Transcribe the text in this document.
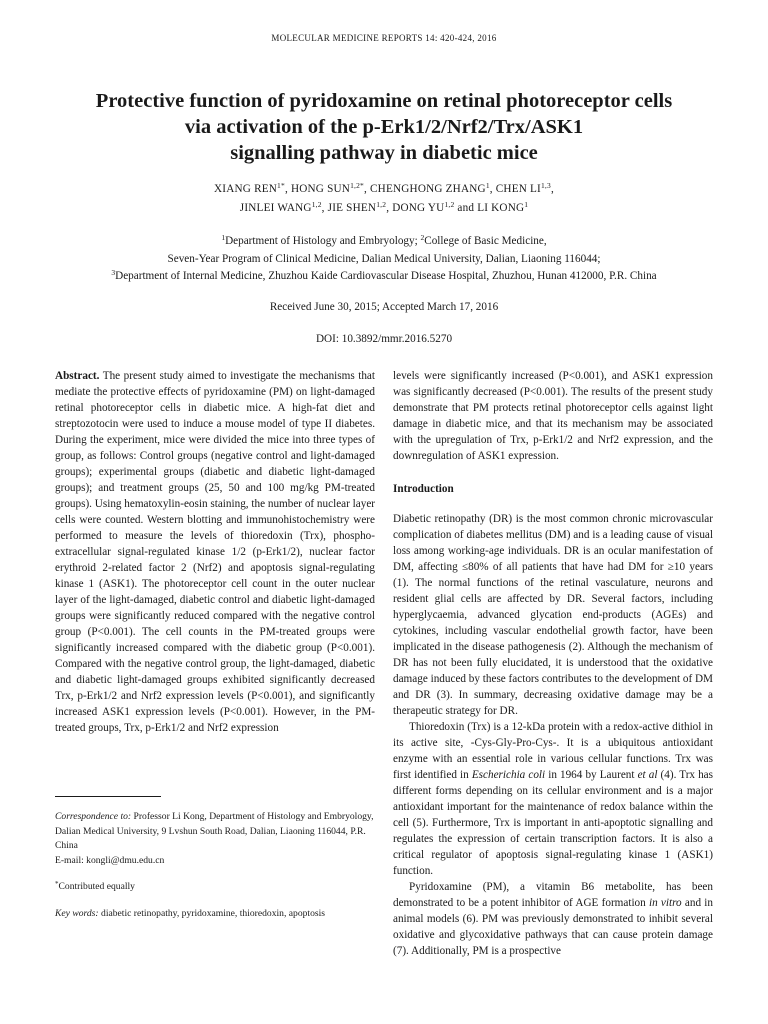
MOLECULAR MEDICINE REPORTS 14: 420-424, 2016
Protective function of pyridoxamine on retinal photoreceptor cells
via activation of the p-Erk1/2/Nrf2/Trx/ASK1
signalling pathway in diabetic mice
XIANG $REN^{1*}$, HONG $SUN^{1,2*}$, CHENGHONG ZHANG$^1$, CHEN LI$^{1,3}$,
JINLEI WANG$^{1,2}$, JIE SHEN$^{1,2}$, DONG YU$^{1,2}$ and LI KONG$^1$
$^1$Department of Histology and Embryology; $^2$College of Basic Medicine,
Seven-Year Program of Clinical Medicine, Dalian Medical University, Dalian, Liaoning 116044;
$^3$Department of Internal Medicine, Zhuzhou Kaide Cardiovascular Disease Hospital, Zhuzhou, Hunan 412000, P.R. China
Received June 30, 2015; Accepted March 17, 2016
DOI: 10.3892/mmr.2016.5270

Abstract. The present study aimed to investigate the mechanisms that mediate the protective effects of pyridoxamine (PM) on light-damaged retinal photoreceptor cells in diabetic mice. A high-fat diet and streptozotocin were used to induce a mouse model of type II diabetes. During the experiment, mice were divided the mice into three types of group, as follows: Control groups (negative control and light-damaged groups); experimental groups (diabetic and diabetic light-damaged groups); and treatment groups (25, 50 and 100 mg/kg PM-treated groups). Using hematoxylin-eosin staining, the number of nuclear layer cells were counted. Western blotting and immunohistochemistry were performed to measure the levels of thioredoxin (Trx), phospho-extracellular signal-regulated kinase 1/2 (p-Erk1/2), nuclear factor erythroid 2-related factor 2 (Nrf2) and apoptosis signal-regulating kinase 1 (ASK1). The photoreceptor cell count in the outer nuclear layer of the light-damaged, diabetic control and diabetic light-damaged groups were significantly reduced compared with the negative control group (P<0.001). The cell counts in the PM-treated groups were significantly increased compared with the diabetic group (P<0.001). Compared with the negative control group, the light-damaged, diabetic and diabetic light-damaged groups exhibited significantly decreased Trx, p-Erk1/2 and Nrf2 expression levels (P<0.001), and significantly increased ASK1 expression levels (P<0.001). However, in the PM-treated groups, Trx, p-Erk1/2 and Nrf2 expression

levels were significantly increased (P<0.001), and ASK1 expression was significantly decreased (P<0.001). The results of the present study demonstrate that PM protects retinal photoreceptor cells against light damage in diabetic mice, and that its mechanism may be associated with the upregulation of Trx, p-Erk1/2 and Nrf2 expression, and the downregulation of ASK1 expression.

Introduction

Diabetic retinopathy (DR) is the most common chronic microvascular complication of diabetes mellitus (DM) and is a leading cause of visual loss among working-age individuals. DR is an ocular manifestation of DM, affecting ≤80% of all patients that have had DM for ≥10 years (1). The normal functions of the retinal vasculature, neurons and resident glial cells are affected by DR. Several factors, including hyperglycaemia, advanced glycation end-products (AGEs) and cytokines, including vascular endothelial growth factor, have been implicated in the disease pathogenesis (2). Although the mechanism of DR has not been fully elucidated, it is understood that the oxidative damage induced by these factors contributes to the development of DM and DR (3). In summary, decreasing oxidative damage may be a therapeutic strategy for DR.

Thioredoxin (Trx) is a 12-kDa protein with a redox-active dithiol in its active site, -Cys-Gly-Pro-Cys-. It is a ubiquitous antioxidant enzyme with an essential role in various cellular functions. Trx was first identified in Escherichia coli in 1964 by Laurent et al (4). Trx has different forms depending on its cellular environment and is a major antioxidant important for the maintenance of redox balance within the cell (5). Furthermore, Trx is important in anti-apoptotic signalling and regulates the expression of certain transcription factors. It is also a critical regulator of apoptosis signal-regulating kinase 1 (ASK1) function.

Pyridoxamine (PM), a vitamin B6 metabolite, has been demonstrated to be a potent inhibitor of AGE formation in vitro and in animal models (6). PM was previously demonstrated to inhibit several oxidative and glycoxidative pathways that can cause protein damage (7). Additionally, PM is a prospective

Correspondence to: Professor Li Kong, Department of Histology and Embryology, Dalian Medical University, 9 Lvshun South Road, Dalian, Liaoning 116044, P.R. China
E-mail: kongli@dmu.edu.cn
*Contributed equally
Key words: diabetic retinopathy, pyridoxamine, thioredoxin, apoptosis
